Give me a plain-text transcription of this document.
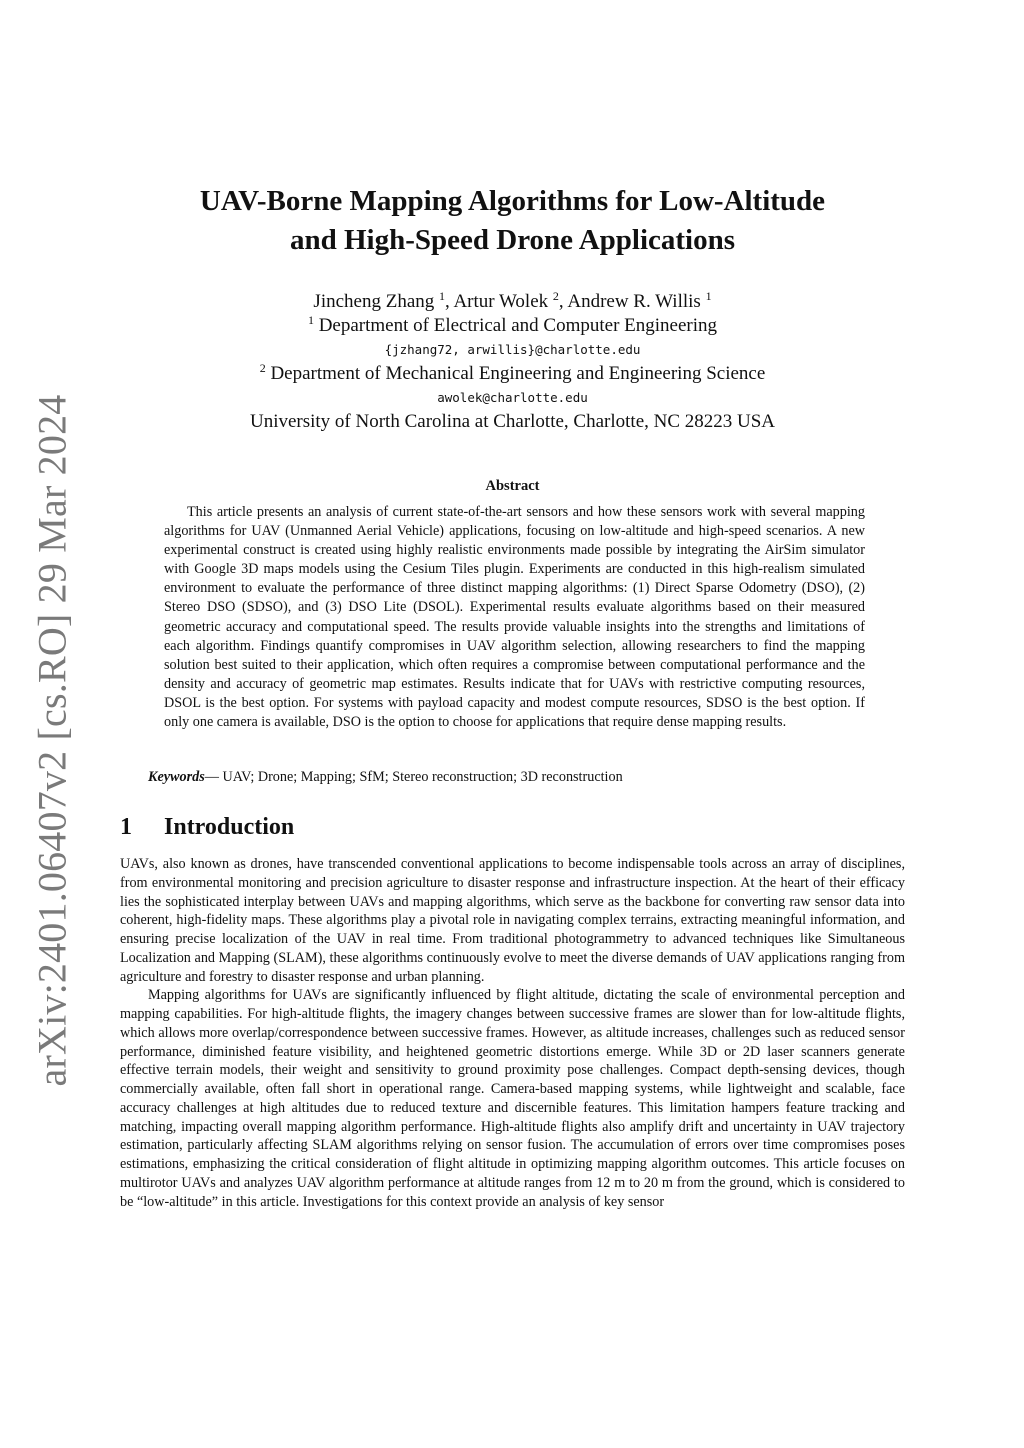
arXiv:2401.06407v2 [cs.RO] 29 Mar 2024
UAV-Borne Mapping Algorithms for Low-Altitude
and High-Speed Drone Applications
Jincheng Zhang $^1$, Artur Wolek $^2$, Andrew R. Willis $^1$
$^1$ Department of Electrical and Computer Engineering
{jzhang72, arwillis}@charlotte.edu
$^2$ Department of Mechanical Engineering and Engineering Science
awolek@charlotte.edu
University of North Carolina at Charlotte, Charlotte, NC 28223 USA
Abstract

This article presents an analysis of current state-of-the-art sensors and how these sensors work with several mapping algorithms for UAV (Unmanned Aerial Vehicle) applications, focusing on low-altitude and high-speed scenarios. A new experimental construct is created using highly realistic environments made possible by integrating the AirSim simulator with Google 3D maps models using the Cesium Tiles plugin. Experiments are conducted in this high-realism simulated environment to evaluate the performance of three distinct mapping algorithms: (1) Direct Sparse Odometry (DSO), (2) Stereo DSO (SDSO), and (3) DSO Lite (DSOL). Experimental results evaluate algorithms based on their measured geometric accuracy and computational speed. The results provide valuable insights into the strengths and limitations of each algorithm. Findings quantify compromises in UAV algorithm selection, allowing researchers to find the mapping solution best suited to their application, which often requires a compromise between computational performance and the density and accuracy of geometric map estimates. Results indicate that for UAVs with restrictive computing resources, DSOL is the best option. For systems with payload capacity and modest compute resources, SDSO is the best option. If only one camera is available, DSO is the option to choose for applications that require dense mapping results.

Keywords— UAV; Drone; Mapping; SfM; Stereo reconstruction; 3D reconstruction
1 Introduction

UAVs, also known as drones, have transcended conventional applications to become indispensable tools across an array of disciplines, from environmental monitoring and precision agriculture to disaster response and infrastructure inspection. At the heart of their efficacy lies the sophisticated interplay between UAVs and mapping algorithms, which serve as the backbone for converting raw sensor data into coherent, high-fidelity maps. These algorithms play a pivotal role in navigating complex terrains, extracting meaningful information, and ensuring precise localization of the UAV in real time. From traditional photogrammetry to advanced techniques like Simultaneous Localization and Mapping (SLAM), these algorithms continuously evolve to meet the diverse demands of UAV applications ranging from agriculture and forestry to disaster response and urban planning.

Mapping algorithms for UAVs are significantly influenced by flight altitude, dictating the scale of environmental perception and mapping capabilities. For high-altitude flights, the imagery changes between successive frames are slower than for low-altitude flights, which allows more overlap/correspondence between successive frames. However, as altitude increases, challenges such as reduced sensor performance, diminished feature visibility, and heightened geometric distortions emerge. While 3D or 2D laser scanners generate effective terrain models, their weight and sensitivity to ground proximity pose challenges. Compact depth-sensing devices, though commercially available, often fall short in operational range. Camera-based mapping systems, while lightweight and scalable, face accuracy challenges at high altitudes due to reduced texture and discernible features. This limitation hampers feature tracking and matching, impacting overall mapping algorithm performance. High-altitude flights also amplify drift and uncertainty in UAV trajectory estimation, particularly affecting SLAM algorithms relying on sensor fusion. The accumulation of errors over time compromises poses estimations, emphasizing the critical consideration of flight altitude in optimizing mapping algorithm outcomes. This article focuses on multirotor UAVs and analyzes UAV algorithm performance at altitude ranges from 12 m to 20 m from the ground, which is considered to be “low-altitude” in this article. Investigations for this context provide an analysis of key sensor
